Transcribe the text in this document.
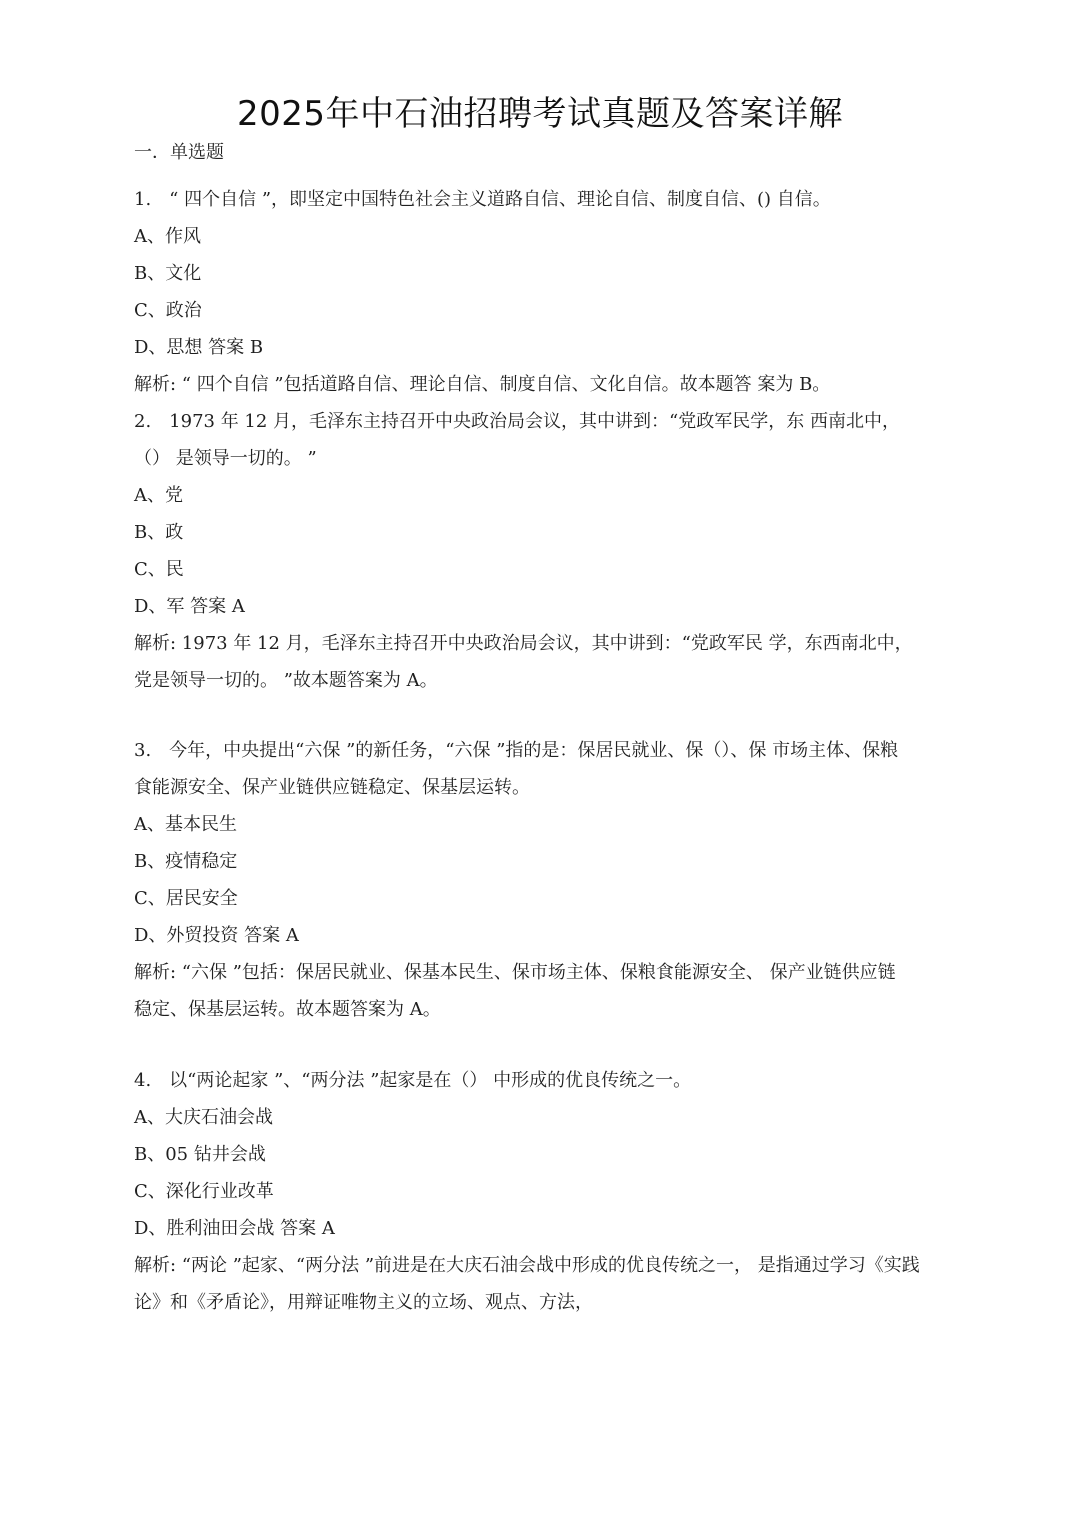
2025年中石油招聘考试真题及答案详解
一．单选题
1.　“ 四个自信 ”，即坚定中国特色社会主义道路自信、理论自信、制度自信、() 自信。
A、作风
B、文化
C、政治
D、思想 答案 B
解析: “ 四个自信 ”包括道路自信、理论自信、制度自信、文化自信。故本题答 案为 B。
2.　1973 年 12 月，毛泽东主持召开中央政治局会议，其中讲到：“党政军民学，东 西南北中，
（） 是领导一切的。 ”
A、党
B、政
C、民
D、军 答案 A
解析: 1973 年 12 月，毛泽东主持召开中央政治局会议，其中讲到：“党政军民 学，东西南北中，
党是领导一切的。 ”故本题答案为 A。
3.　今年，中央提出“六保 ”的新任务，“六保 ”指的是：保居民就业、保（）、保 市场主体、保粮
食能源安全、保产业链供应链稳定、保基层运转。
A、基本民生
B、疫情稳定
C、居民安全
D、外贸投资 答案 A
解析: “六保 ”包括：保居民就业、保基本民生、保市场主体、保粮食能源安全、 保产业链供应链
稳定、保基层运转。故本题答案为 A。
4.　以“两论起家 ”、“两分法 ”起家是在（） 中形成的优良传统之一。
A、大庆石油会战
B、05 钻井会战
C、深化行业改革
D、胜利油田会战 答案 A
解析: “两论 ”起家、“两分法 ”前进是在大庆石油会战中形成的优良传统之一， 是指通过学习《实践
论》和《矛盾论》，用辩证唯物主义的立场、观点、方法，
